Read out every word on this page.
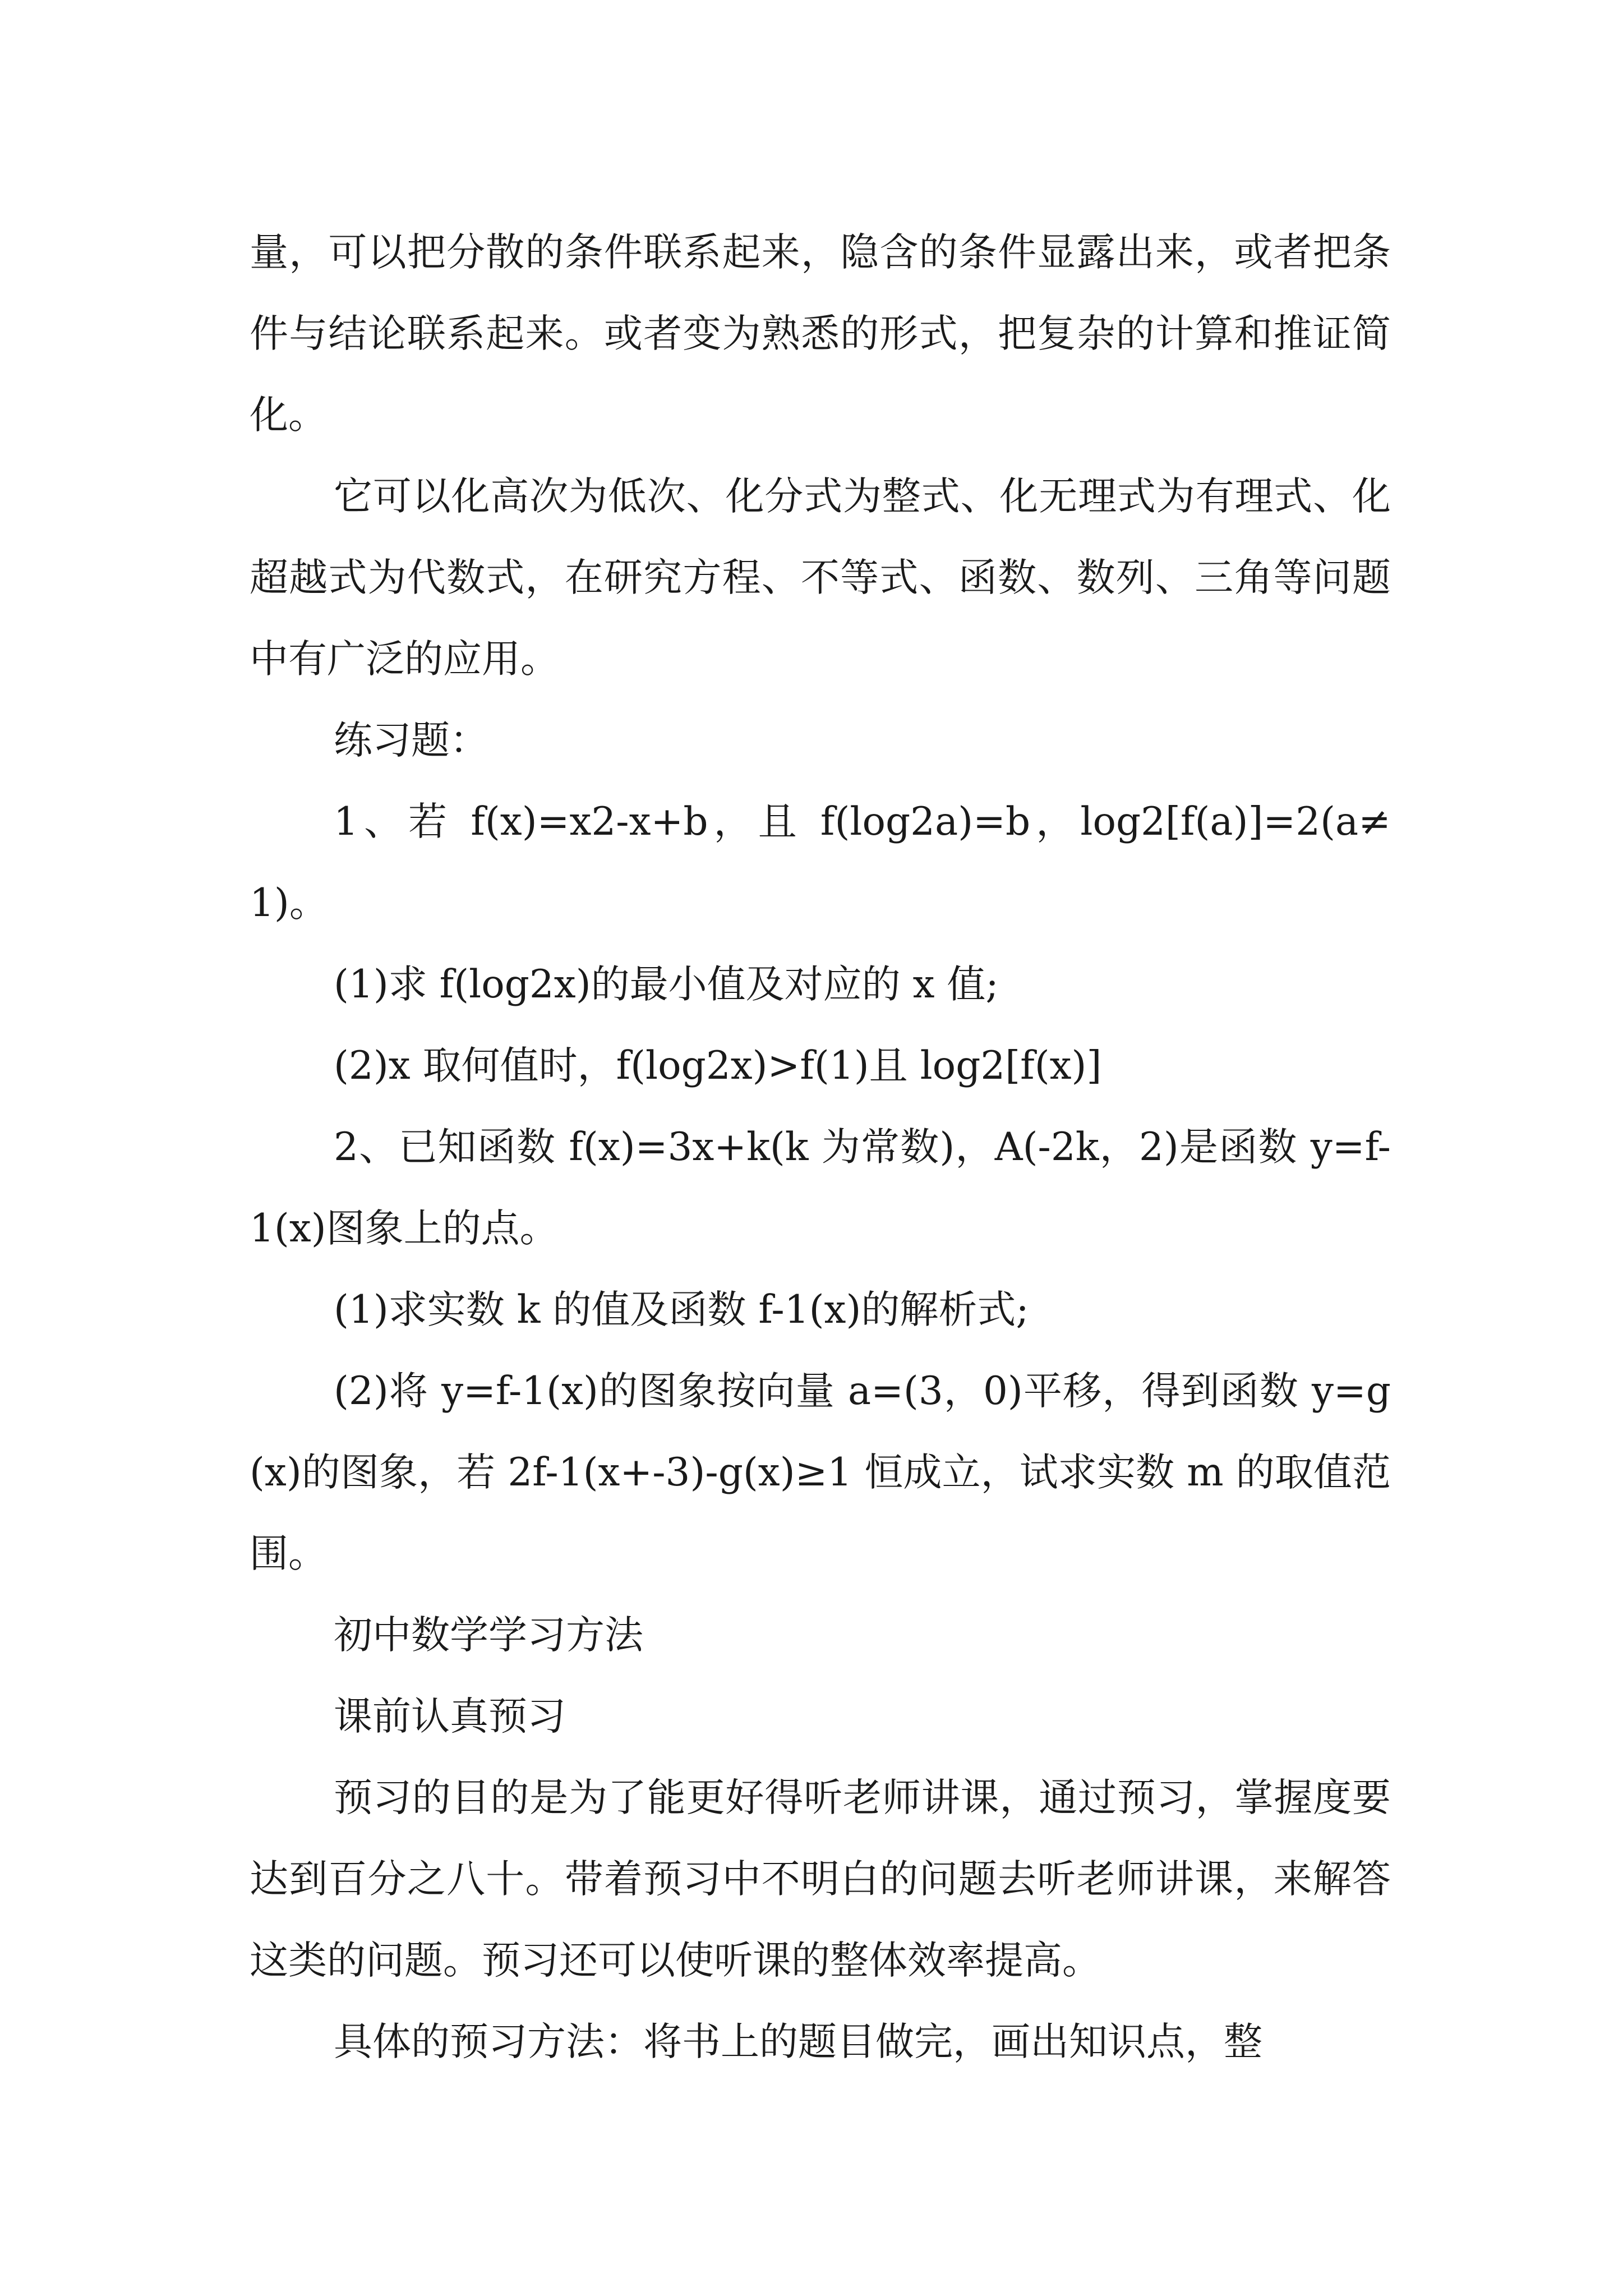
量，可以把分散的条件联系起来，隐含的条件显露出来，或者把条件与结论联系起来。或者变为熟悉的形式，把复杂的计算和推证简化。

它可以化高次为低次、化分式为整式、化无理式为有理式、化超越式为代数式，在研究方程、不等式、函数、数列、三角等问题中有广泛的应用。

练习题：

1、若 f(x)=x2-x+b，且 f(log2a)=b，log2[f(a)]=2(a≠1)。

(1)求 f(log2x)的最小值及对应的 x 值;

(2)x 取何值时，f(log2x)>f(1)且 log2[f(x)]

2、已知函数 f(x)=3x+k(k 为常数)，A(-2k，2)是函数 y=f-1(x)图象上的点。

(1)求实数 k 的值及函数 f-1(x)的解析式;

(2)将 y=f-1(x)的图象按向量 a=(3，0)平移，得到函数 y=g(x)的图象，若 2f-1(x+-3)-g(x)≥1 恒成立，试求实数 m 的取值范围。

初中数学学习方法

课前认真预习

预习的目的是为了能更好得听老师讲课，通过预习，掌握度要达到百分之八十。带着预习中不明白的问题去听老师讲课，来解答这类的问题。预习还可以使听课的整体效率提高。

具体的预习方法：将书上的题目做完，画出知识点，整
